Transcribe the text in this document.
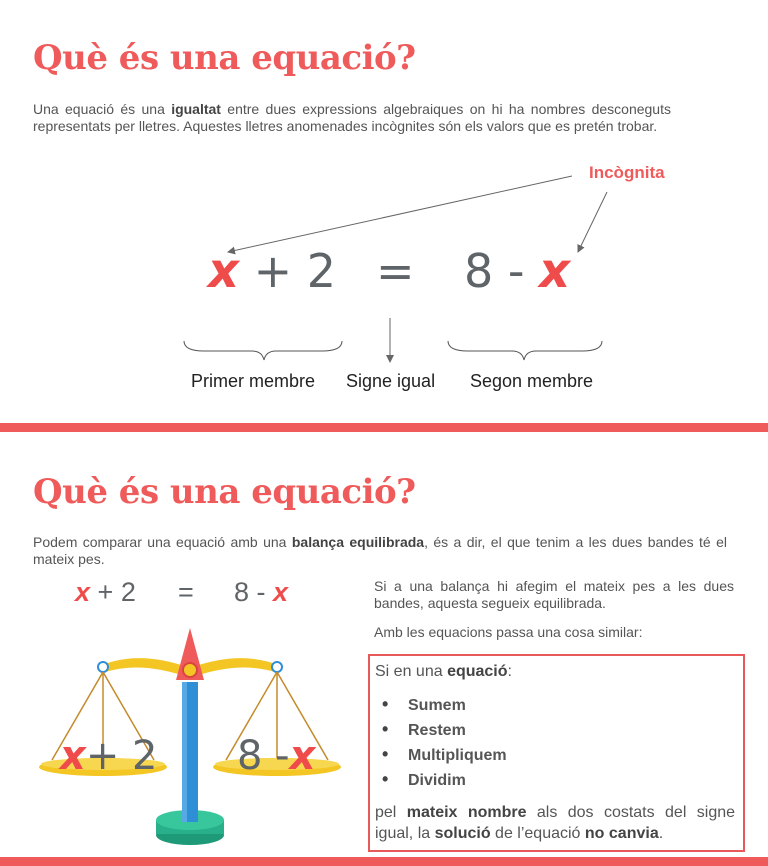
Què és una equació?
Una equació és una igualtat entre dues expressions algebraiques on hi ha nombres desconeguts representats per lletres. Aquestes lletres anomenades incògnites són els valors que es pretén trobar.
Incògnita
x + 2 = 8 - x
Primer membre Signe igual Segon membre
Què és una equació?
Podem comparar una equació amb una balança equilibrada, és a dir, el que tenim a les dues bandes té el mateix pes.
x + 2 = 8 - x
x+ 2 8 -x
Si a una balança hi afegim el mateix pes a les dues bandes, aquesta segueix equilibrada.
Amb les equacions passa una cosa similar:
Si en una equació:
• Sumem
• Restem
• Multipliquem
• Dividim
pel mateix nombre als dos costats del signe igual, la solució de l’equació no canvia.
